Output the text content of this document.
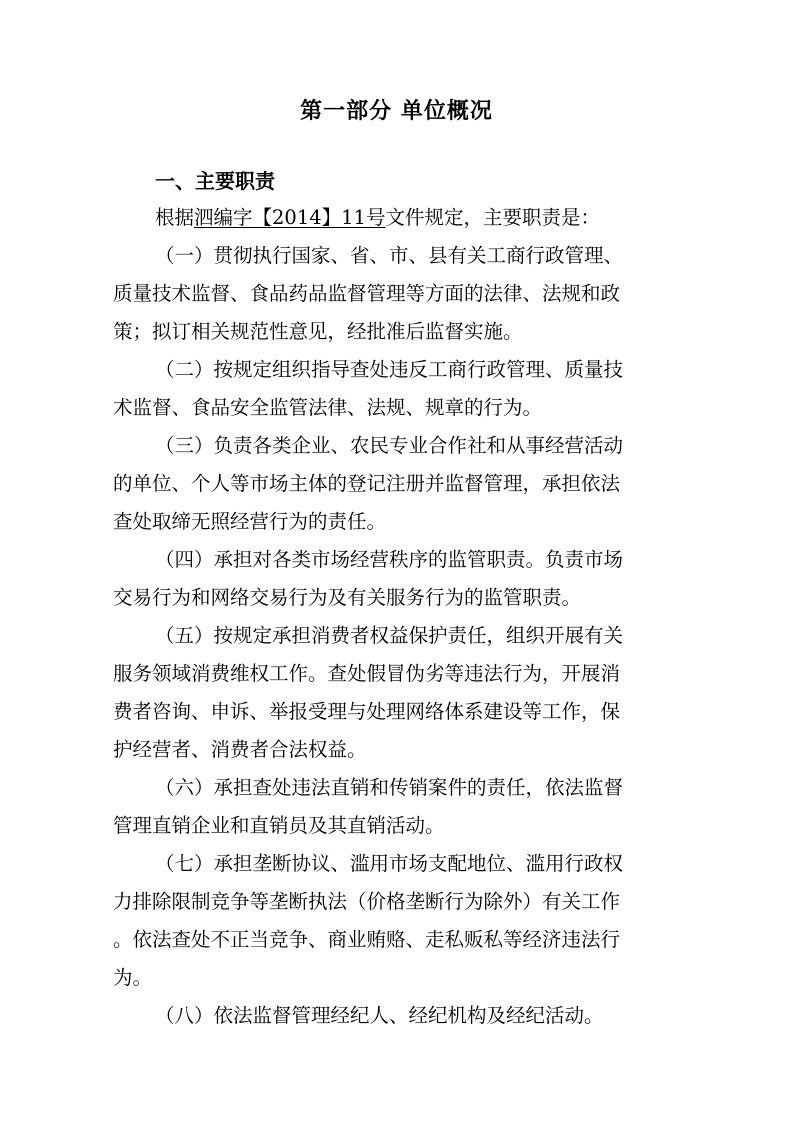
第一部分 单位概况
一、主要职责
根据泗编字【2014】11号文件规定，主要职责是：
（一）贯彻执行国家、省、市、县有关工商行政管理、
质量技术监督、食品药品监督管理等方面的法律、法规和政
策；拟订相关规范性意见，经批准后监督实施。
（二）按规定组织指导查处违反工商行政管理、质量技
术监督、食品安全监管法律、法规、规章的行为。
（三）负责各类企业、农民专业合作社和从事经营活动
的单位、个人等市场主体的登记注册并监督管理，承担依法
查处取缔无照经营行为的责任。
（四）承担对各类市场经营秩序的监管职责。负责市场
交易行为和网络交易行为及有关服务行为的监管职责。
（五）按规定承担消费者权益保护责任，组织开展有关
服务领域消费维权工作。查处假冒伪劣等违法行为，开展消
费者咨询、申诉、举报受理与处理网络体系建设等工作，保
护经营者、消费者合法权益。
（六）承担查处违法直销和传销案件的责任，依法监督
管理直销企业和直销员及其直销活动。
（七）承担垄断协议、滥用市场支配地位、滥用行政权
力排除限制竞争等垄断执法（价格垄断行为除外）有关工作
。依法查处不正当竞争、商业贿赂、走私贩私等经济违法行
为。
（八）依法监督管理经纪人、经纪机构及经纪活动。
